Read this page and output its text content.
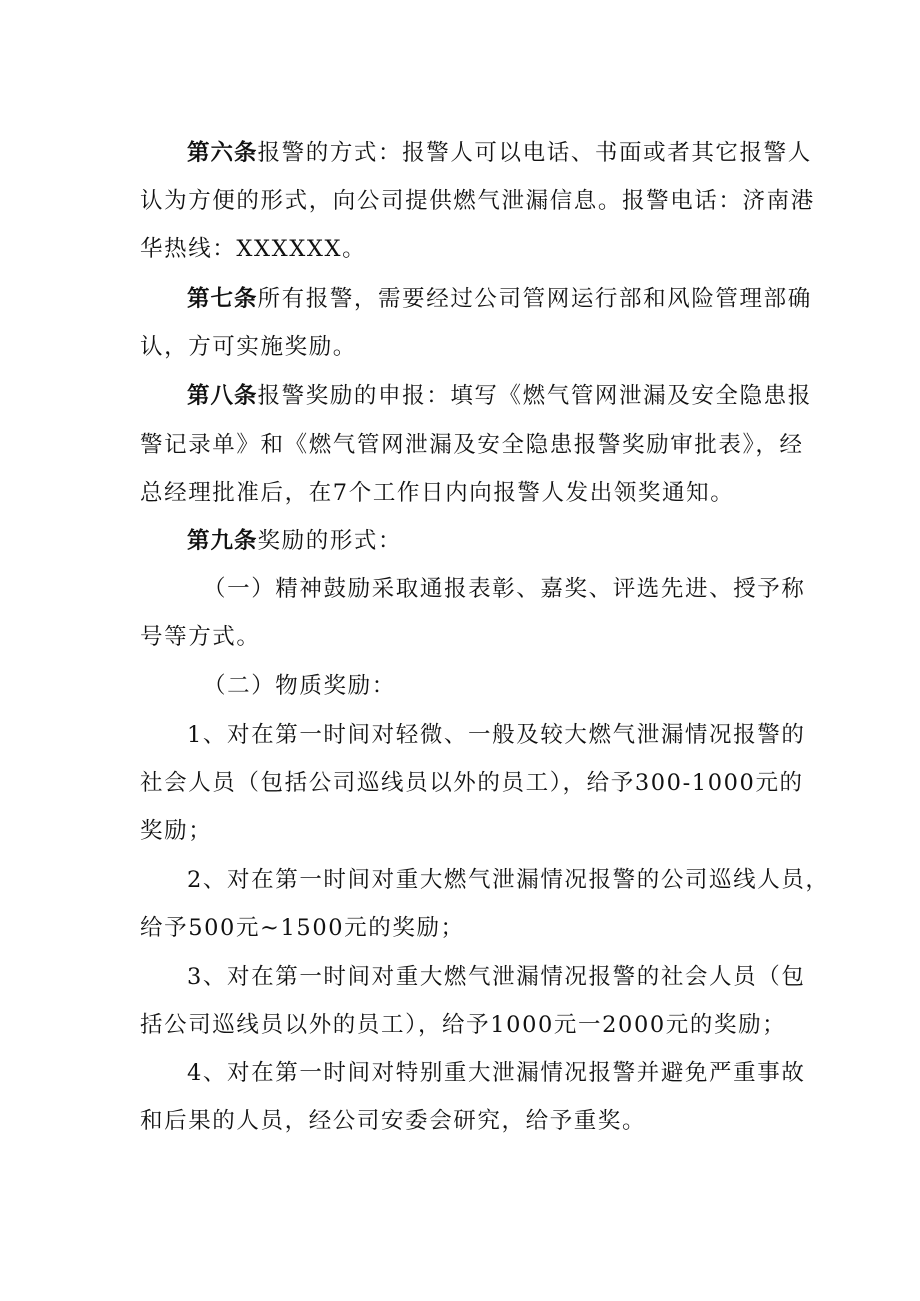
第六条报警的方式：报警人可以电话、书面或者其它报警人
认为方便的形式，向公司提供燃气泄漏信息。报警电话：济南港
华热线：XXXXXX。
第七条所有报警，需要经过公司管网运行部和风险管理部确
认，方可实施奖励。
第八条报警奖励的申报：填写《燃气管网泄漏及安全隐患报
警记录单》和《燃气管网泄漏及安全隐患报警奖励审批表》，经
总经理批准后，在7个工作日内向报警人发出领奖通知。
第九条奖励的形式：
（一）精神鼓励采取通报表彰、嘉奖、评选先进、授予称
号等方式。
（二）物质奖励：
1、对在第一时间对轻微、一般及较大燃气泄漏情况报警的
社会人员（包括公司巡线员以外的员工），给予300-1000元的
奖励；
2、对在第一时间对重大燃气泄漏情况报警的公司巡线人员，
给予500元~1500元的奖励；
3、对在第一时间对重大燃气泄漏情况报警的社会人员（包
括公司巡线员以外的员工），给予1000元一2000元的奖励；
4、对在第一时间对特别重大泄漏情况报警并避免严重事故
和后果的人员，经公司安委会研究，给予重奖。
